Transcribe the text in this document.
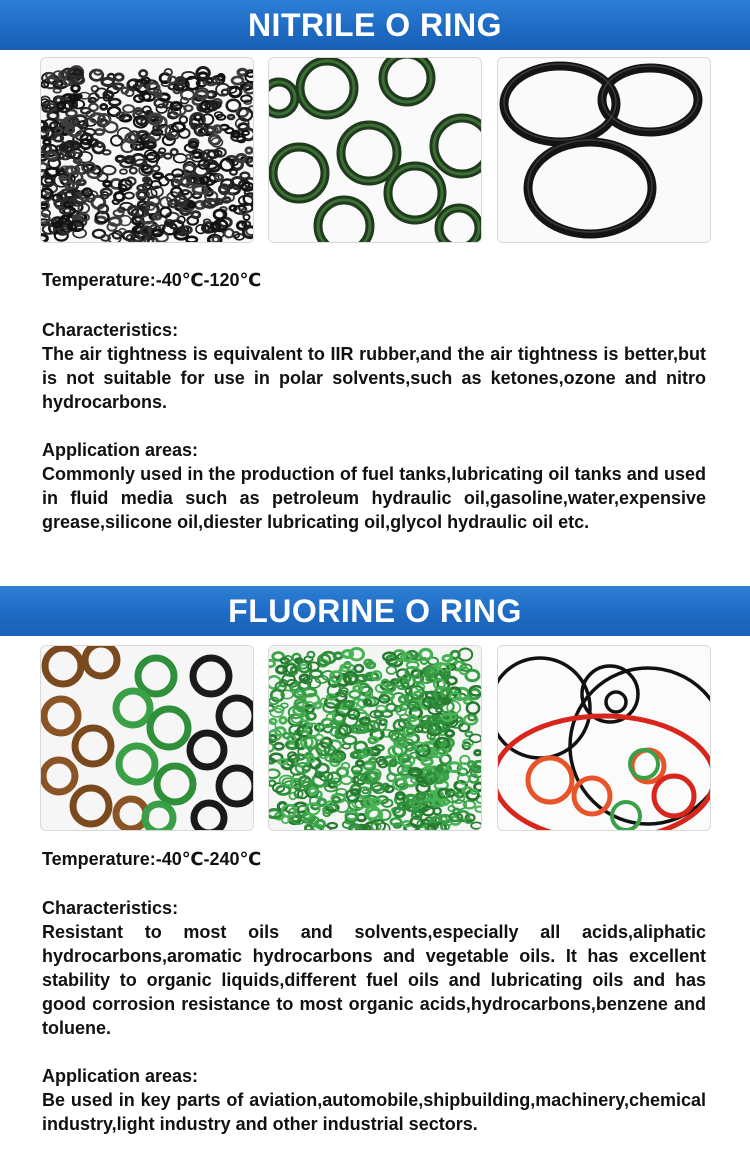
NITRILE O RING

Temperature:-40℃-120℃

Characteristics:

The air tightness is equivalent to IIR rubber,and the air tightness is better,but is not suitable for use in polar solvents,such as ketones,ozone and nitro hydrocarbons.

Application areas:

Commonly used in the production of fuel tanks,lubricating oil tanks and used in fluid media such as petroleum hydraulic oil,gasoline,water,expensive grease,silicone oil,diester lubricating oil,glycol hydraulic oil etc.

FLUORINE O RING

Temperature:-40℃-240℃

Characteristics:

Resistant to most oils and solvents,especially all acids,aliphatic hydrocarbons,aromatic hydrocarbons and vegetable oils. It has excellent stability to organic liquids,different fuel oils and lubricating oils and has good corrosion resistance to most organic acids,hydrocarbons,benzene and toluene.

Application areas:

Be used in key parts of aviation,automobile,shipbuilding,machinery,chemical industry,light industry and other industrial sectors.
